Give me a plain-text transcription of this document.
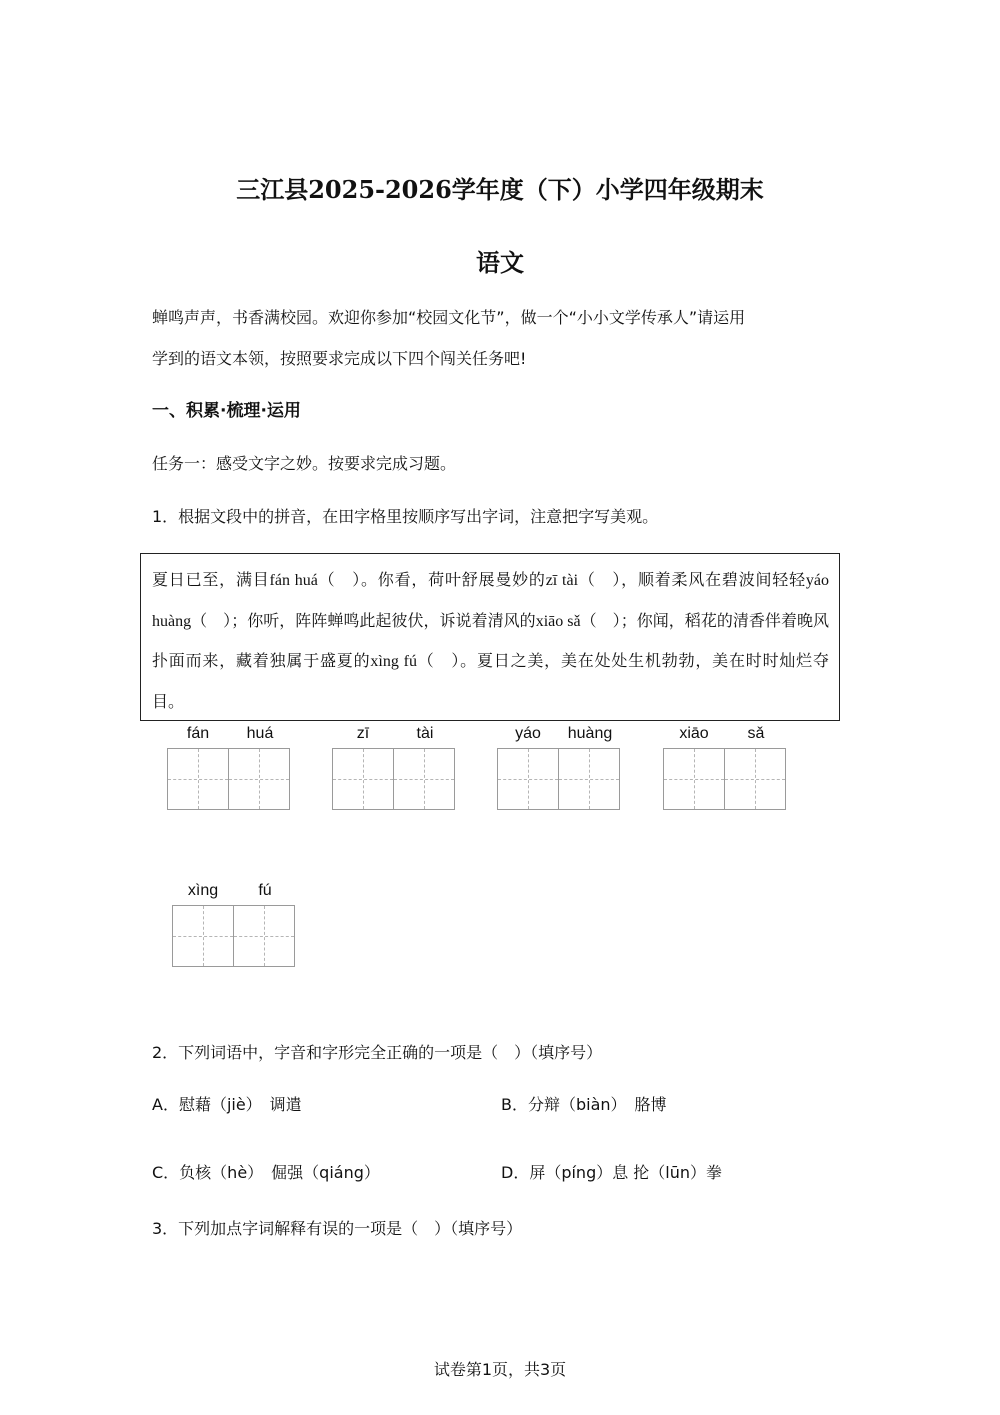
三江县2025-2026学年度（下）小学四年级期末
语文
蝉鸣声声，书香满校园。欢迎你参加“校园文化节”，做一个“小小文学传承人”请运用
学到的语文本领，按照要求完成以下四个闯关任务吧!
一、积累·梳理·运用
任务一：感受文字之妙。按要求完成习题。
1．根据文段中的拼音，在田字格里按顺序写出字词，注意把字写美观。
夏日已至，满目fán huá（　）。你看，荷叶舒展曼妙的zī tài（　），顺着柔风在碧波间轻轻yáo huàng（　）；你听，阵阵蝉鸣此起彼伏，诉说着清风的xiāo sǎ（　）；你闻，稻花的清香伴着晚风扑面而来，藏着独属于盛夏的xìng fú（　）。夏日之美，美在处处生机勃勃，美在时时灿烂夺目。
fán	huá	zī	tài	yáo	huàng	xiāo	sǎ
xìng	fú
2．下列词语中，字音和字形完全正确的一项是（　）（填序号）
A．慰藉（jiè）　调遣	B．分辩（biàn）　胳博
C．负核（hè）　倔强（qiáng）	D．屏（píng）息 抡（lūn）拳
3．下列加点字词解释有误的一项是（　）（填序号）
试卷第1页，共3页
